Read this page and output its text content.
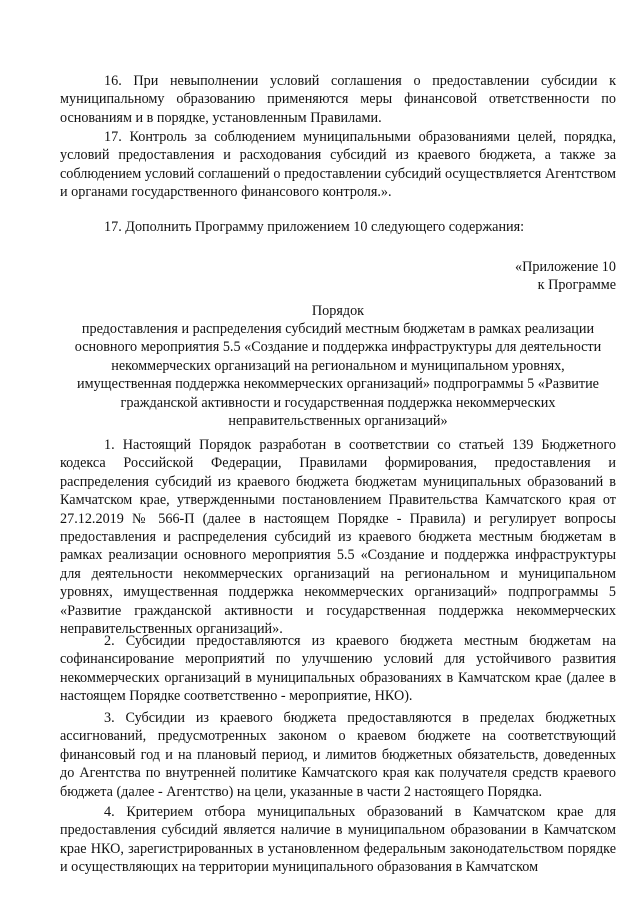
16. При невыполнении условий соглашения о предоставлении субсидии к муниципальному образованию применяются меры финансовой ответственности по основаниям и в порядке, установленным Правилами.

17. Контроль за соблюдением муниципальными образованиями целей, порядка, условий предоставления и расходования субсидий из краевого бюджета, а также за соблюдением условий соглашений о предоставлении субсидий осуществляется Агентством и органами государственного финансового контроля.».

17. Дополнить Программу приложением 10 следующего содержания:

«Приложение 10

к Программе

Порядок

предоставления и распределения субсидий местным бюджетам в рамках реализации основного мероприятия 5.5 «Создание и поддержка инфраструктуры для деятельности некоммерческих организаций на региональном и муниципальном уровнях, имущественная поддержка некоммерческих организаций» подпрограммы 5 «Развитие гражданской активности и государственная поддержка некоммерческих неправительственных организаций»

1. Настоящий Порядок разработан в соответствии со статьей 139 Бюджетного кодекса Российской Федерации, Правилами формирования, предоставления и распределения субсидий из краевого бюджета бюджетам муниципальных образований в Камчатском крае, утвержденными постановлением Правительства Камчатского края от 27.12.2019 № 566-П (далее в настоящем Порядке - Правила) и регулирует вопросы предоставления и распределения субсидий из краевого бюджета местным бюджетам в рамках реализации основного мероприятия 5.5 «Создание и поддержка инфраструктуры для деятельности некоммерческих организаций на региональном и муниципальном уровнях, имущественная поддержка некоммерческих организаций» подпрограммы 5 «Развитие гражданской активности и государственная поддержка некоммерческих неправительственных организаций».

2. Субсидии предоставляются из краевого бюджета местным бюджетам на софинансирование мероприятий по улучшению условий для устойчивого развития некоммерческих организаций в муниципальных образованиях в Камчатском крае (далее в настоящем Порядке соответственно - мероприятие, НКО).

3. Субсидии из краевого бюджета предоставляются в пределах бюджетных ассигнований, предусмотренных законом о краевом бюджете на соответствующий финансовый год и на плановый период, и лимитов бюджетных обязательств, доведенных до Агентства по внутренней политике Камчатского края как получателя средств краевого бюджета (далее - Агентство) на цели, указанные в части 2 настоящего Порядка.

4. Критерием отбора муниципальных образований в Камчатском крае для предоставления субсидий является наличие в муниципальном образовании в Камчатском крае НКО, зарегистрированных в установленном федеральным законодательством порядке и осуществляющих на территории муниципального образования в Камчатском
